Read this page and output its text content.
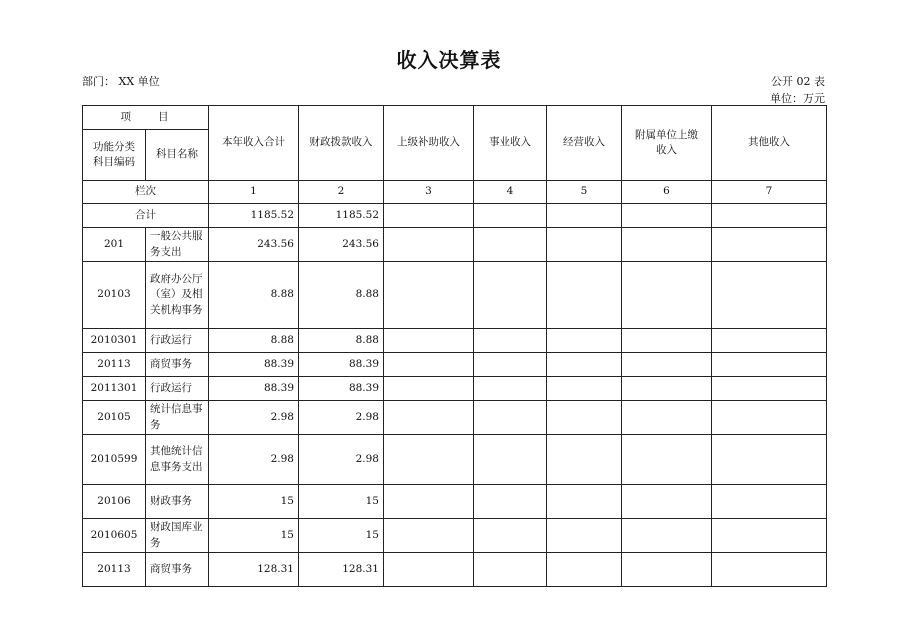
收入决算表
部门： XX 单位	公开 02 表
单位：万元
项　　目		本年收入合计	财政拨款收入	上级补助收入	事业收入	经营收入	附属单位上缴收入	其他收入
功能分类科目编码	科目名称							
栏次		1	2	3	4	5	6	7
合计		1185.52	1185.52					
201	一般公共服务支出	243.56	243.56					
20103	政府办公厅（室）及相关机构事务	8.88	8.88					
2010301	行政运行	8.88	8.88					
20113	商贸事务	88.39	88.39					
2011301	行政运行	88.39	88.39					
20105	统计信息事务	2.98	2.98					
2010599	其他统计信息事务支出	2.98	2.98					
20106	财政事务	15	15					
2010605	财政国库业务	15	15					
20113	商贸事务	128.31	128.31					
